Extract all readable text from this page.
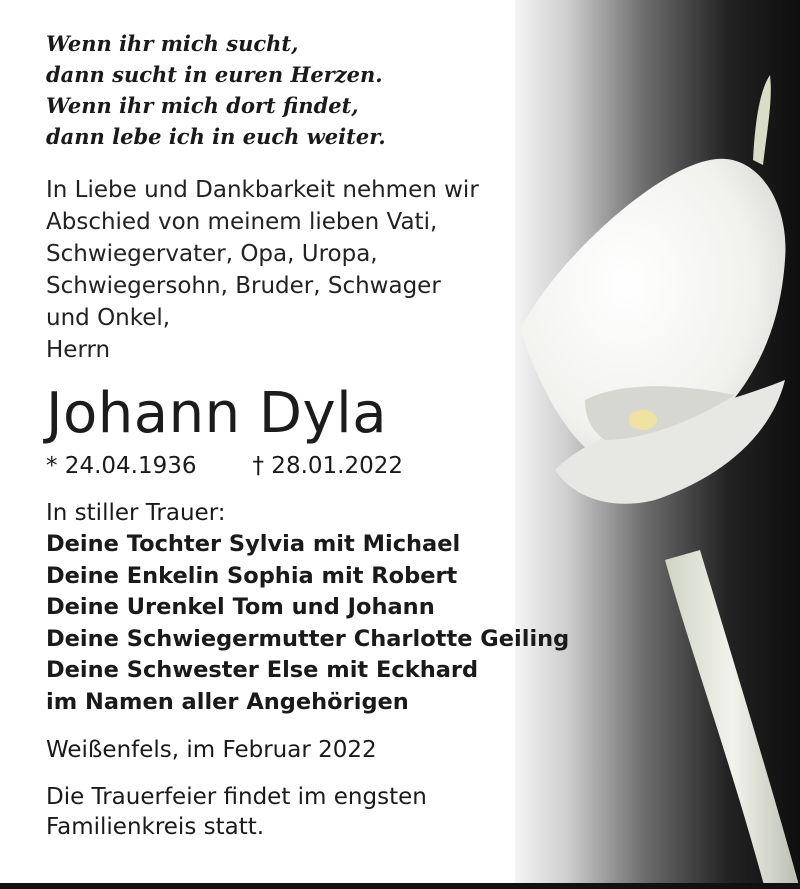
Wenn ihr mich sucht,
dann sucht in euren Herzen.
Wenn ihr mich dort findet,
dann lebe ich in euch weiter.
In Liebe und Dankbarkeit nehmen wir
Abschied von meinem lieben Vati,
Schwiegervater, Opa, Uropa,
Schwiegersohn, Bruder, Schwager
und Onkel,
Herrn
Johann Dyla
* 24.04.1936 † 28.01.2022
In stiller Trauer:
Deine Tochter Sylvia mit Michael
Deine Enkelin Sophia mit Robert
Deine Urenkel Tom und Johann
Deine Schwiegermutter Charlotte Geiling
Deine Schwester Else mit Eckhard
im Namen aller Angehörigen
Weißenfels, im Februar 2022
Die Trauerfeier findet im engsten
Familienkreis statt.
